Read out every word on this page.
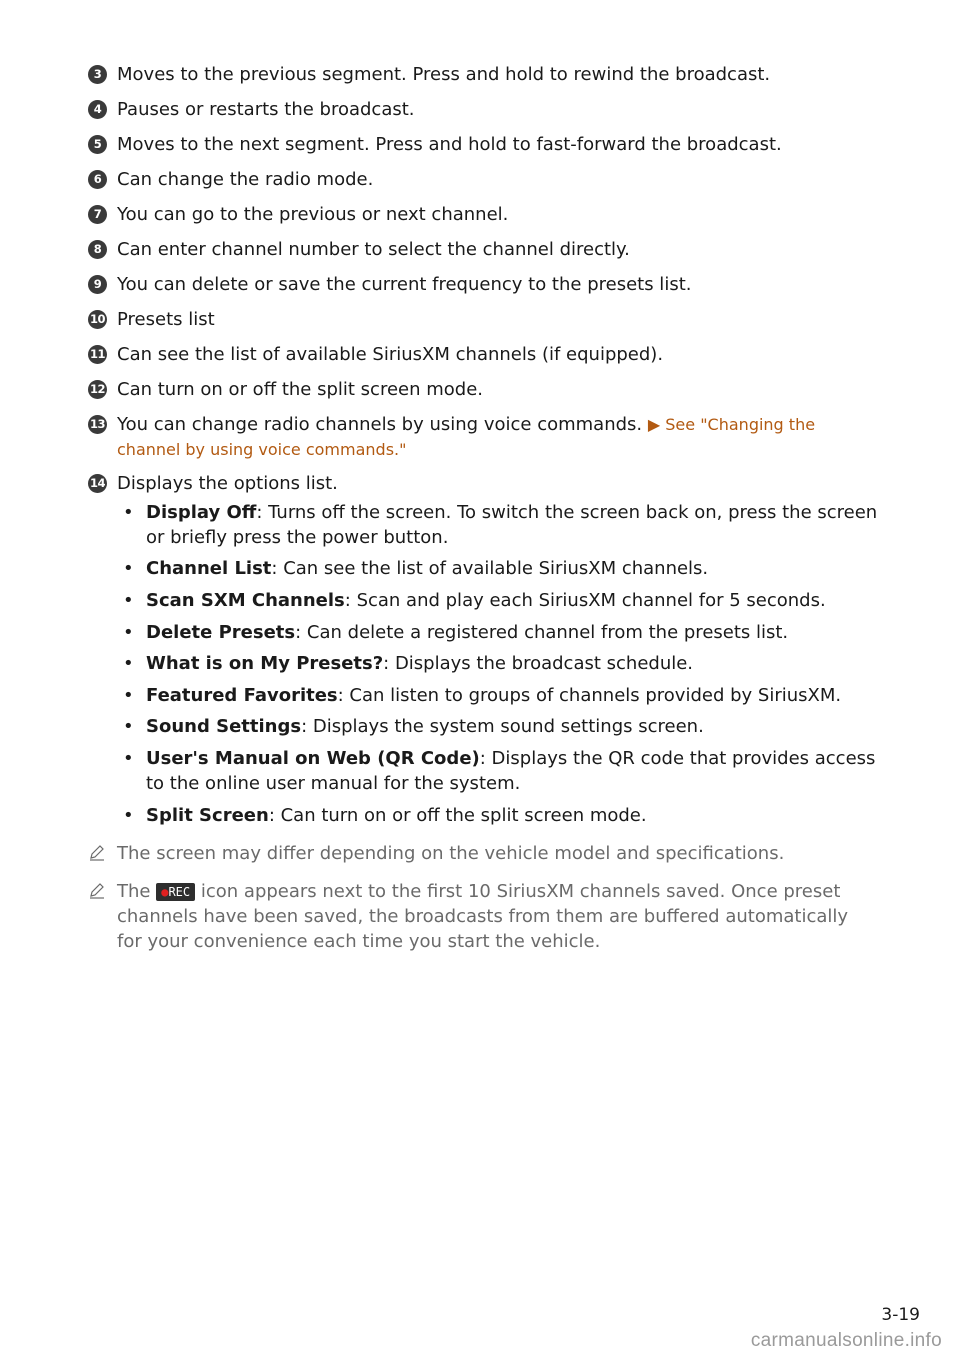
3 Moves to the previous segment. Press and hold to rewind the broadcast.
4 Pauses or restarts the broadcast.
5 Moves to the next segment. Press and hold to fast-forward the broadcast.
6 Can change the radio mode.
7 You can go to the previous or next channel.
8 Can enter channel number to select the channel directly.
9 You can delete or save the current frequency to the presets list.
10 Presets list
11 Can see the list of available SiriusXM channels (if equipped).
12 Can turn on or off the split screen mode.
13 You can change radio channels by using voice commands. ▶ See "Changing the channel by using voice commands."
14 Displays the options list.
• Display Off: Turns off the screen. To switch the screen back on, press the screen or briefly press the power button.
• Channel List: Can see the list of available SiriusXM channels.
• Scan SXM Channels: Scan and play each SiriusXM channel for 5 seconds.
• Delete Presets: Can delete a registered channel from the presets list.
• What is on My Presets?: Displays the broadcast schedule.
• Featured Favorites: Can listen to groups of channels provided by SiriusXM.
• Sound Settings: Displays the system sound settings screen.
• User's Manual on Web (QR Code): Displays the QR code that provides access to the online user manual for the system.
• Split Screen: Can turn on or off the split screen mode.
The screen may differ depending on the vehicle model and specifications.
The ●REC icon appears next to the first 10 SiriusXM channels saved. Once preset channels have been saved, the broadcasts from them are buffered automatically for your convenience each time you start the vehicle.
3-19
carmanualsonline.info
